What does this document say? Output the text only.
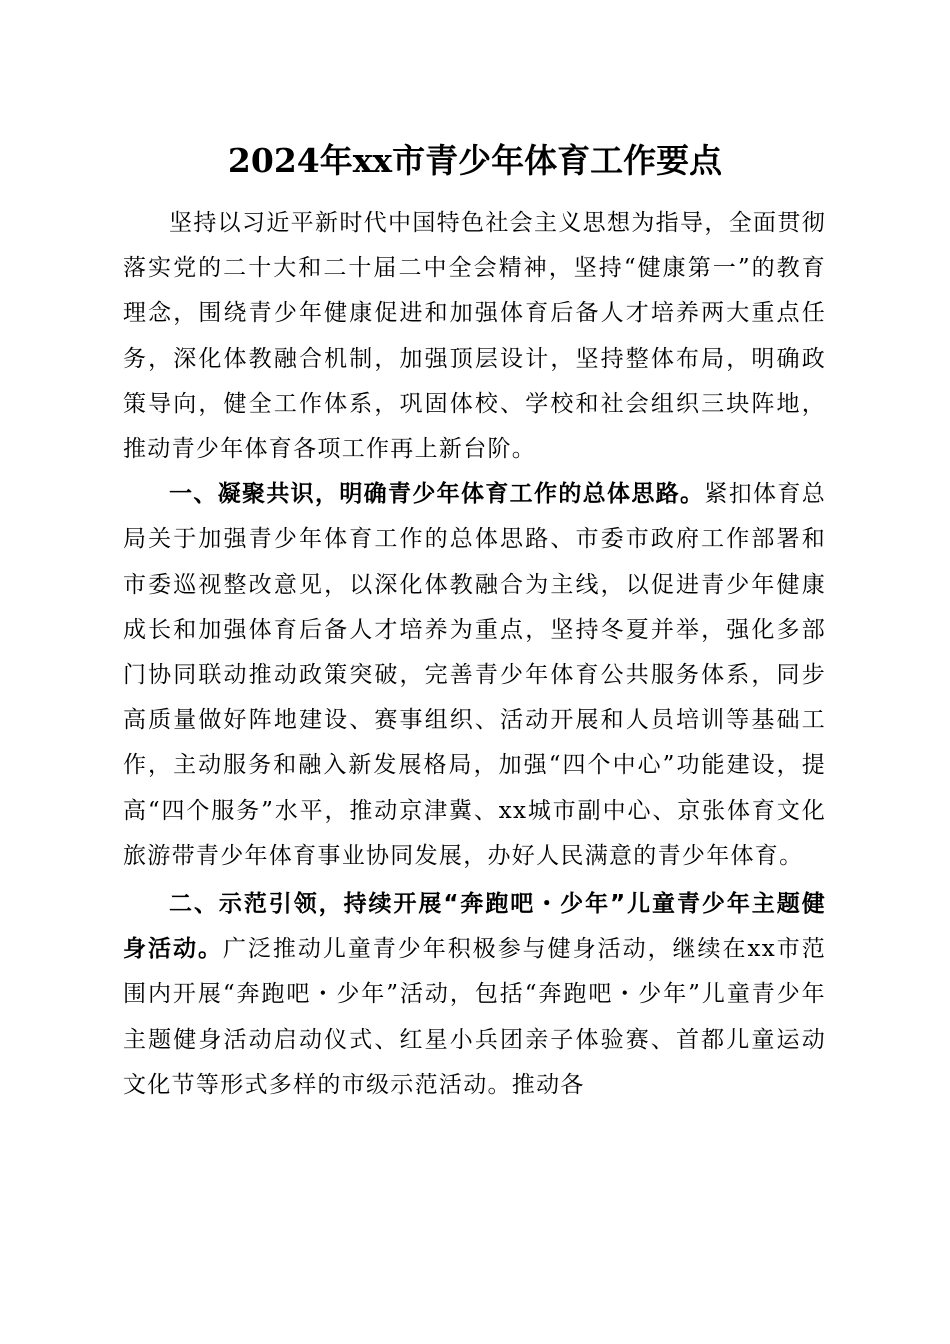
2024年xx市青少年体育工作要点

坚持以习近平新时代中国特色社会主义思想为指导，全面贯彻落实党的二十大和二十届二中全会精神，坚持“健康第一”的教育理念，围绕青少年健康促进和加强体育后备人才培养两大重点任务，深化体教融合机制，加强顶层设计，坚持整体布局，明确政策导向，健全工作体系，巩固体校、学校和社会组织三块阵地，推动青少年体育各项工作再上新台阶。

一、凝聚共识，明确青少年体育工作的总体思路。紧扣体育总局关于加强青少年体育工作的总体思路、市委市政府工作部署和市委巡视整改意见，以深化体教融合为主线，以促进青少年健康成长和加强体育后备人才培养为重点，坚持冬夏并举，强化多部门协同联动推动政策突破，完善青少年体育公共服务体系，同步高质量做好阵地建设、赛事组织、活动开展和人员培训等基础工作，主动服务和融入新发展格局，加强“四个中心”功能建设，提高“四个服务”水平，推动京津冀、xx城市副中心、京张体育文化旅游带青少年体育事业协同发展，办好人民满意的青少年体育。

二、示范引领，持续开展“奔跑吧・少年”儿童青少年主题健身活动。广泛推动儿童青少年积极参与健身活动，继续在xx市范围内开展“奔跑吧・少年”活动，包括“奔跑吧・少年”儿童青少年主题健身活动启动仪式、红星小兵团亲子体验赛、首都儿童运动文化节等形式多样的市级示范活动。推动各
